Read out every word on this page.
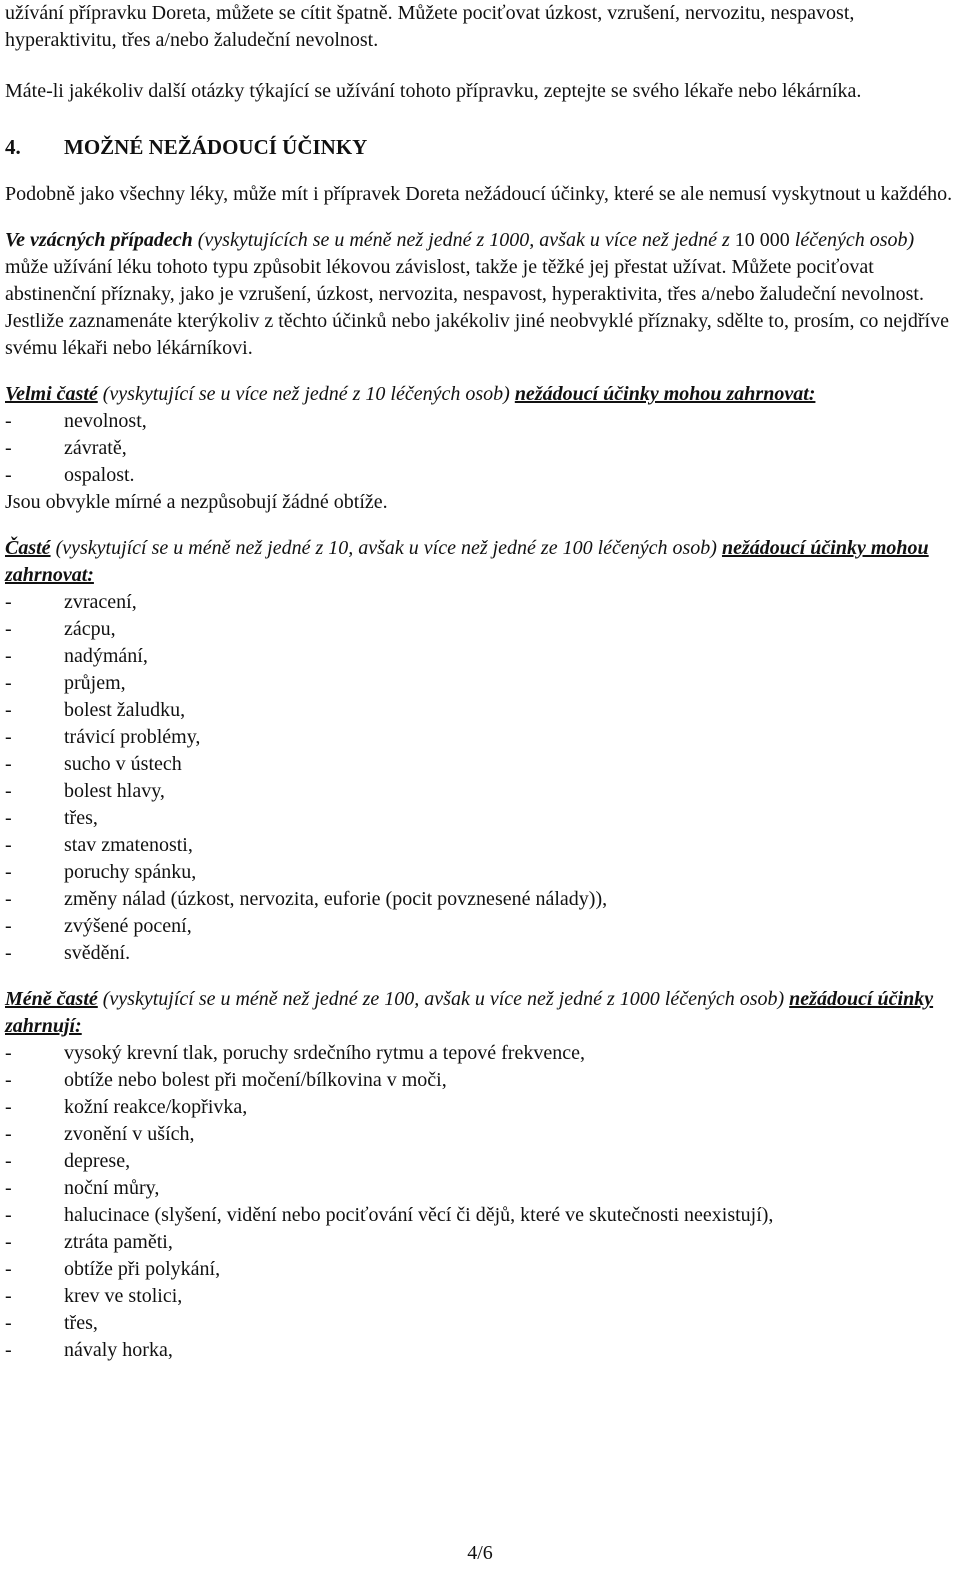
užívání přípravku Doreta, můžete se cítit špatně. Můžete pociťovat úzkost, vzrušení, nervozitu, nespavost, hyperaktivitu, třes a/nebo žaludeční nevolnost.

Máte-li jakékoliv další otázky týkající se užívání tohoto přípravku, zeptejte se svého lékaře nebo lékárníka.

4. MOŽNÉ NEŽÁDOUCÍ ÚČINKY

Podobně jako všechny léky, může mít i přípravek Doreta nežádoucí účinky, které se ale nemusí vyskytnout u každého.

Ve vzácných případech (vyskytujících se u méně než jedné z 1000, avšak u více než jedné z 10 000 léčených osob) může užívání léku tohoto typu způsobit lékovou závislost, takže je těžké jej přestat užívat. Můžete pociťovat abstinenční příznaky, jako je vzrušení, úzkost, nervozita, nespavost, hyperaktivita, třes a/nebo žaludeční nevolnost.

Jestliže zaznamenáte kterýkoliv z těchto účinků nebo jakékoliv jiné neobvyklé příznaky, sdělte to, prosím, co nejdříve svému lékaři nebo lékárníkovi.

Velmi časté (vyskytující se u více než jedné z 10 léčených osob) nežádoucí účinky mohou zahrnovat:

- nevolnost,
- závratě,
- ospalost.

Jsou obvykle mírné a nezpůsobují žádné obtíže.

Časté (vyskytující se u méně než jedné z 10, avšak u více než jedné ze 100 léčených osob) nežádoucí účinky mohou zahrnovat:

- zvracení,
- zácpu,
- nadýmání,
- průjem,
- bolest žaludku,
- trávicí problémy,
- sucho v ústech
- bolest hlavy,
- třes,
- stav zmatenosti,
- poruchy spánku,
- změny nálad (úzkost, nervozita, euforie (pocit povznesené nálady)),
- zvýšené pocení,
- svědění.

Méně časté (vyskytující se u méně než jedné ze 100, avšak u více než jedné z 1000 léčených osob) nežádoucí účinky zahrnují:

- vysoký krevní tlak, poruchy srdečního rytmu a tepové frekvence,
- obtíže nebo bolest při močení/bílkovina v moči,
- kožní reakce/kopřivka,
- zvonění v uších,
- deprese,
- noční můry,
- halucinace (slyšení, vidění nebo pociťování věcí či dějů, které ve skutečnosti neexistují),
- ztráta paměti,
- obtíže při polykání,
- krev ve stolici,
- třes,
- návaly horka,
4/6
